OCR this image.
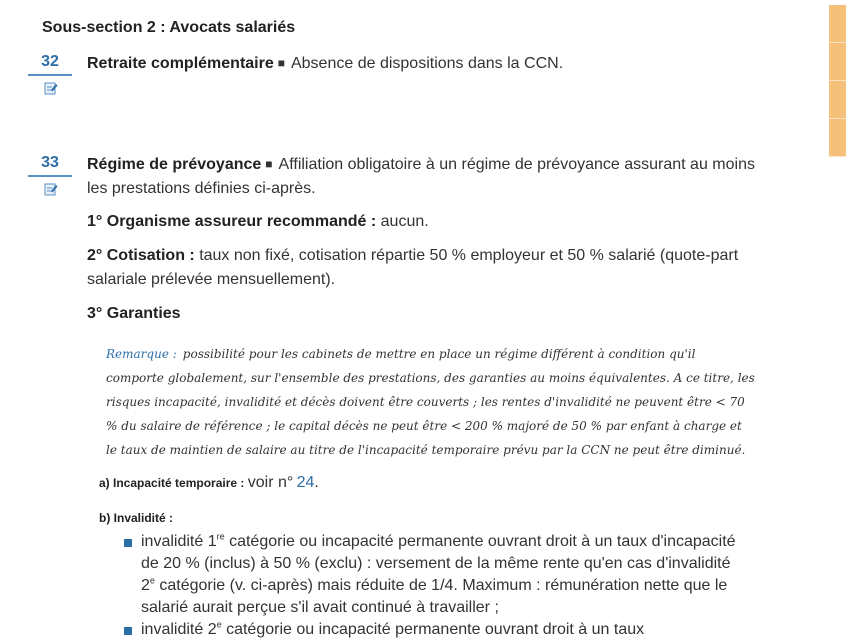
Sous-section 2 : Avocats salariés
32	Retraite complémentaire ■ Absence de dispositions dans la CCN.
33	Régime de prévoyance ■ Affiliation obligatoire à un régime de prévoyance assurant au moins les prestations définies ci-après.
1° Organisme assureur recommandé : aucun.
2° Cotisation : taux non fixé, cotisation répartie 50 % employeur et 50 % salarié (quote-part salariale prélevée mensuellement).
3° Garanties
Remarque : possibilité pour les cabinets de mettre en place un régime différent à condition qu'il comporte globalement, sur l'ensemble des prestations, des garanties au moins équivalentes. A ce titre, les risques incapacité, invalidité et décès doivent être couverts ; les rentes d'invalidité ne peuvent être < 70 % du salaire de référence ; le capital décès ne peut être < 200 % majoré de 50 % par enfant à charge et le taux de maintien de salaire au titre de l'incapacité temporaire prévu par la CCN ne peut être diminué.
a) Incapacité temporaire : voir n° 24.
b) Invalidité :
invalidité 1re catégorie ou incapacité permanente ouvrant droit à un taux d'incapacité de 20 % (inclus) à 50 % (exclu) : versement de la même rente qu'en cas d'invalidité 2e catégorie (v. ci-après) mais réduite de 1/4. Maximum : rémunération nette que le salarié aurait perçue s'il avait continué à travailler ;
invalidité 2e catégorie ou incapacité permanente ouvrant droit à un taux
